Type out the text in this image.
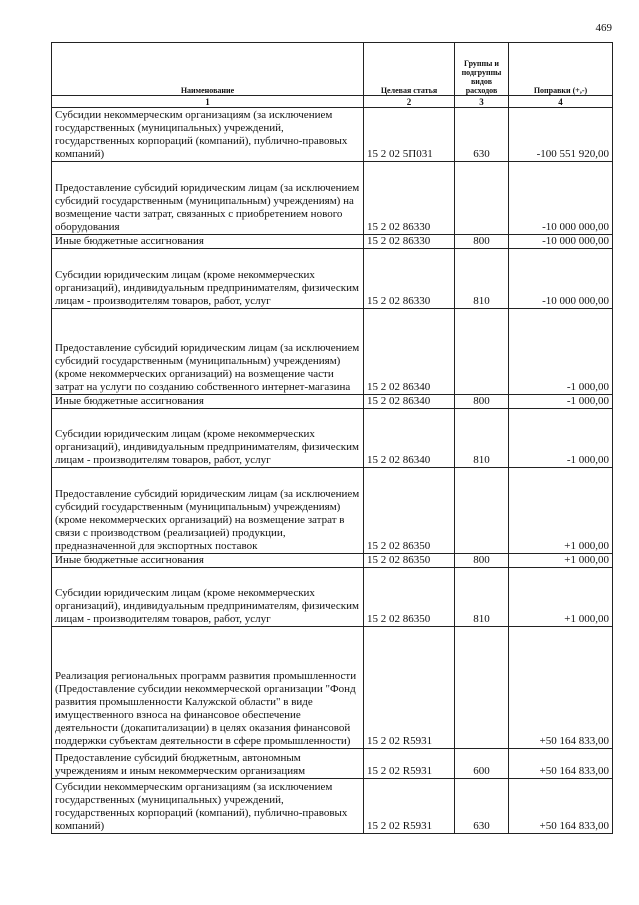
469
Наименование	Целевая статья	Группы и подгруппы видов расходов	Поправки (+,-)
1	2	3	4
Субсидии некоммерческим организациям (за исключением государственных (муниципальных) учреждений, государственных корпораций (компаний), публично-правовых компаний)	15 2 02 5П031	630	-100 551 920,00
Предоставление субсидий юридическим лицам (за исключением субсидий государственным (муниципальным) учреждениям) на возмещение части затрат, связанных с приобретением нового оборудования	15 2 02 86330		-10 000 000,00
Иные бюджетные ассигнования	15 2 02 86330	800	-10 000 000,00
Субсидии юридическим лицам (кроме некоммерческих организаций), индивидуальным предпринимателям, физическим лицам - производителям товаров, работ, услуг	15 2 02 86330	810	-10 000 000,00
Предоставление субсидий юридическим лицам (за исключением субсидий государственным (муниципальным) учреждениям) (кроме некоммерческих организаций) на возмещение части затрат на услуги по созданию собственного интернет-магазина	15 2 02 86340		-1 000,00
Иные бюджетные ассигнования	15 2 02 86340	800	-1 000,00
Субсидии юридическим лицам (кроме некоммерческих организаций), индивидуальным предпринимателям, физическим лицам - производителям товаров, работ, услуг	15 2 02 86340	810	-1 000,00
Предоставление субсидий юридическим лицам (за исключением субсидий государственным (муниципальным) учреждениям) (кроме некоммерческих организаций) на возмещение затрат в связи с производством (реализацией) продукции, предназначенной для экспортных поставок	15 2 02 86350		+1 000,00
Иные бюджетные ассигнования	15 2 02 86350	800	+1 000,00
Субсидии юридическим лицам (кроме некоммерческих организаций), индивидуальным предпринимателям, физическим лицам - производителям товаров, работ, услуг	15 2 02 86350	810	+1 000,00
Реализация региональных программ развития промышленности (Предоставление субсидии некоммерческой организации "Фонд развития промышленности Калужской области" в виде имущественного взноса на финансовое обеспечение деятельности (докапитализации) в целях оказания финансовой поддержки субъектам деятельности в сфере промышленности)	15 2 02 R5931		+50 164 833,00
Предоставление субсидий бюджетным, автономным учреждениям и иным некоммерческим организациям	15 2 02 R5931	600	+50 164 833,00
Субсидии некоммерческим организациям (за исключением государственных (муниципальных) учреждений, государственных корпораций (компаний), публично-правовых компаний)	15 2 02 R5931	630	+50 164 833,00
